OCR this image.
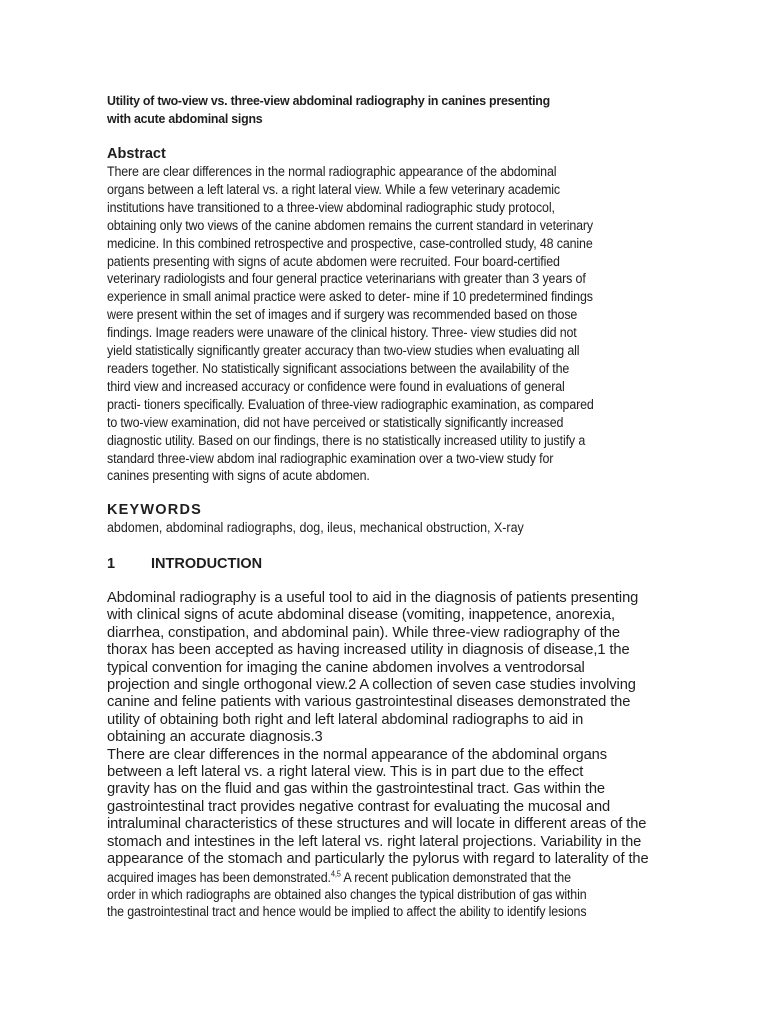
Utility of two-view vs. three-view abdominal radiography in canines presenting
with acute abdominal signs
Abstract
There are clear differences in the normal radiographic appearance of the abdominal
organs between a left lateral vs. a right lateral view. While a few veterinary academic
institutions have transitioned to a three-view abdominal radiographic study protocol,
obtaining only two views of the canine abdomen remains the current standard in veterinary
medicine. In this combined retrospective and prospective, case-controlled study, 48 canine
patients presenting with signs of acute abdomen were recruited. Four board-certified
veterinary radiologists and four general practice veterinarians with greater than 3 years of
experience in small animal practice were asked to deter- mine if 10 predetermined findings
were present within the set of images and if surgery was recommended based on those
findings. Image readers were unaware of the clinical history. Three- view studies did not
yield statistically significantly greater accuracy than two-view studies when evaluating all
readers together. No statistically significant associations between the availability of the
third view and increased accuracy or confidence were found in evaluations of general
practi- tioners specifically. Evaluation of three-view radiographic examination, as compared
to two-view examination, did not have perceived or statistically significantly increased
diagnostic utility. Based on our findings, there is no statistically increased utility to justify a
standard three-view abdom inal radiographic examination over a two-view study for
canines presenting with signs of acute abdomen.
KEYWORDS
abdomen, abdominal radiographs, dog, ileus, mechanical obstruction, X-ray
1	INTRODUCTION
Abdominal radiography is a useful tool to aid in the diagnosis of patients presenting
with clinical signs of acute abdominal disease (vomiting, inappetence, anorexia,
diarrhea, constipation, and abdominal pain). While three-view radiography of the
thorax has been accepted as having increased utility in diagnosis of disease,1 the
typical convention for imaging the canine abdomen involves a ventrodorsal
projection and single orthogonal view.2 A collection of seven case studies involving
canine and feline patients with various gastrointestinal diseases demonstrated the
utility of obtaining both right and left lateral abdominal radiographs to aid in
obtaining an accurate diagnosis.3
There are clear differences in the normal appearance of the abdominal organs
between a left lateral vs. a right lateral view. This is in part due to the effect
gravity has on the fluid and gas within the gastrointestinal tract. Gas within the
gastrointestinal tract provides negative contrast for evaluating the mucosal and
intraluminal characteristics of these structures and will locate in different areas of the
stomach and intestines in the left lateral vs. right lateral projections. Variability in the
appearance of the stomach and particularly the pylorus with regard to laterality of the
acquired images has been demonstrated.$^{4,5}$ A recent publication demonstrated that the
order in which radiographs are obtained also changes the typical distribution of gas within
the gastrointestinal tract and hence would be implied to affect the ability to identify lesions
